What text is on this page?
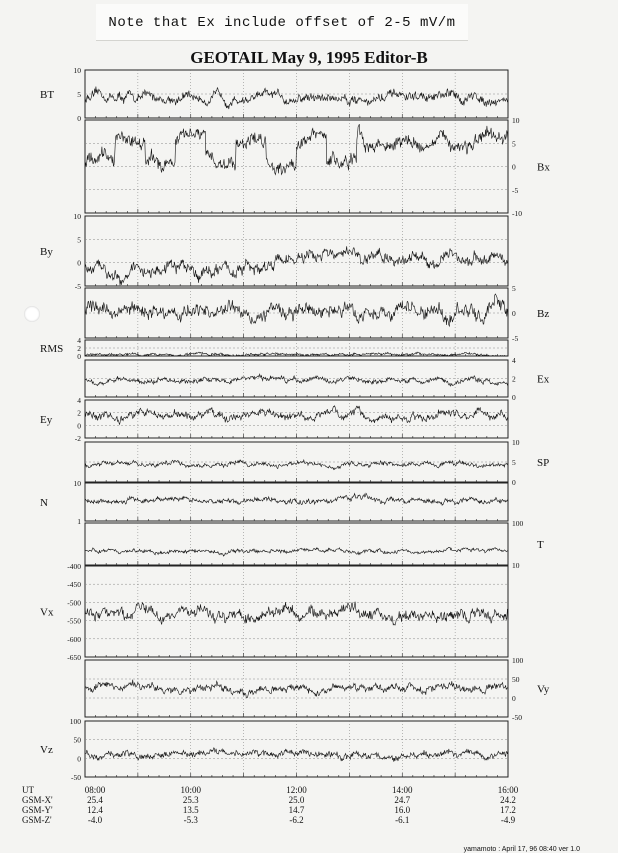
Note that Ex include offset of 2-5 mV/m
GEOTAIL May 9, 1995 Editor-B
10
5
0
BT
10
5
0
-5
-10
Bx
10
5
0
-5
By
5
0
-5
Bz
4
2
0
RMS
4
2
0
Ex
4
2
0
-2
Ey
10
5
0
SP
10
1
N
100
10
T
-400
-450
-500
-550
-600
-650
Vx
100
50
0
-50
Vy
100
50
0
-50
Vz
UT	08:00	10:00	12:00	14:00	16:00
GSM-X'	25.4	25.3	25.0	24.7	24.2
GSM-Y'	12.4	13.5	14.7	16.0	17.2
GSM-Z'	-4.0	-5.3	-6.2	-6.1	-4.9
yamamoto : April 17, 96 08:40 ver 1.0
